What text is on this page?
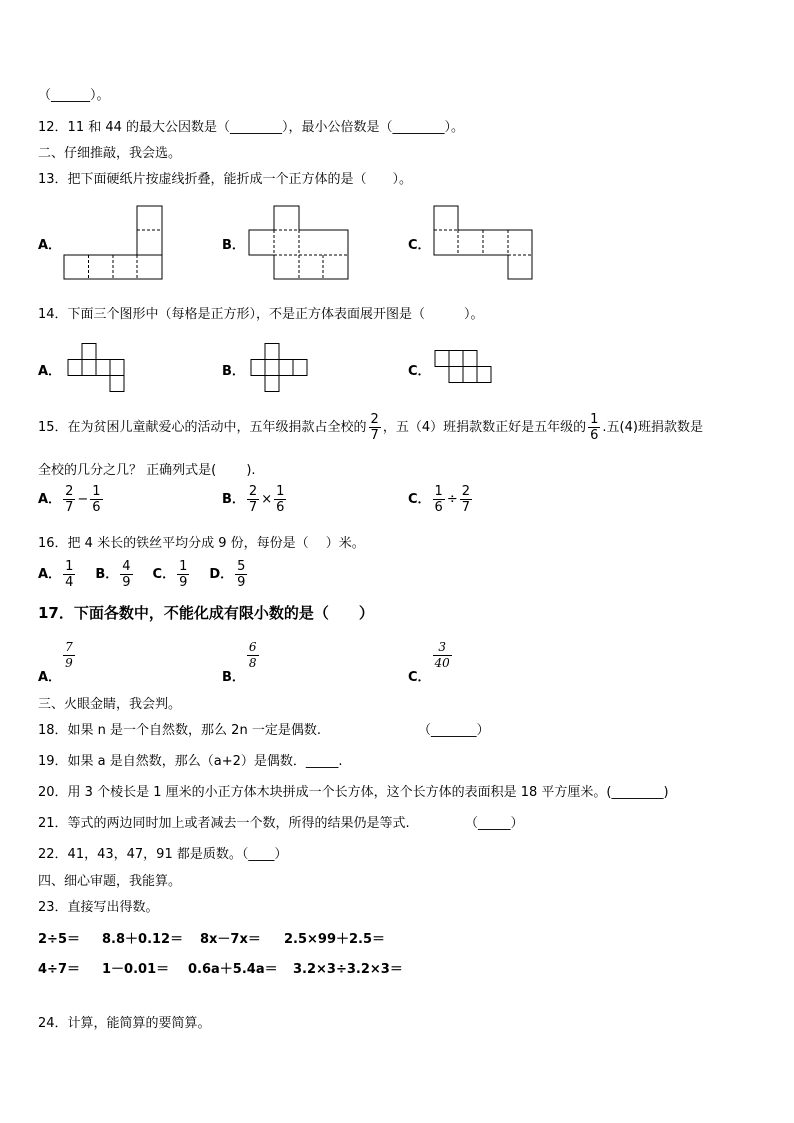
（______）。
12．11 和 44 的最大公因数是（________），最小公倍数是（________）。
二、仔细推敲，我会选。
13．把下面硬纸片按虚线折叠，能折成一个正方体的是（　　）。
A．	B．	C．
14．下面三个图形中（每格是正方形），不是正方体表面展开图是（　　　）。
A．	B．	C．
15．在为贫困儿童献爱心的活动中，五年级捐款占全校的 $\frac{2}{7}$ ，五（4）班捐款数正好是五年级的 $\frac{1}{6}$ .五(4)班捐款数是
全校的几分之几？ 正确列式是(　　 ).
A． $\frac{2}{7} - \frac{1}{6}$	B． $\frac{2}{7} \times \frac{1}{6}$	C． $\frac{1}{6} \div \frac{2}{7}$
16．把 4 米长的铁丝平均分成 9 份，每份是（　 ）米。
A． $\frac{1}{4}$ B． $\frac{4}{9}$ C． $\frac{1}{9}$ D． $\frac{5}{9}$
17．下面各数中，不能化成有限小数的是（　　）
A．
$\frac{7}{9}$
B．
$\frac{6}{8}$
C．
$\frac{3}{40}$
三、火眼金睛，我会判。
18．如果 n 是一个自然数，那么 2n 一定是偶数.	（_______）
19．如果 a 是自然数，那么（a+2）是偶数．_____.
20．用 3 个棱长是 1 厘米的小正方体木块拼成一个长方体，这个长方体的表面积是 18 平方厘米。(________)
21．等式的两边同时加上或者减去一个数，所得的结果仍是等式.	（_____）
22．41，43，47，91 都是质数。（____）
四、细心审题，我能算。
23．直接写出得数。
2÷5＝ 8.8＋0.12＝ 8x－7x＝ 2.5×99＋2.5＝
4÷7＝ 1－0.01＝ 0.6a＋5.4a＝ 3.2×3÷3.2×3＝
24．计算，能简算的要简算。
